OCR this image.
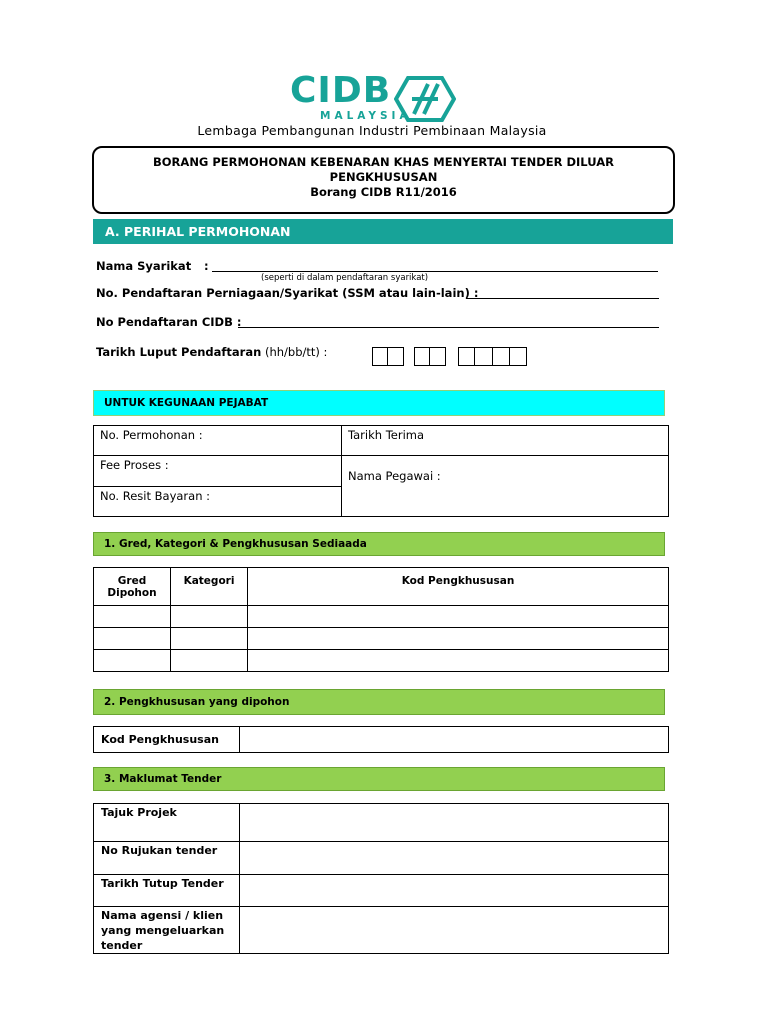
CIDB
MALAYSIA
Lembaga Pembangunan Industri Pembinaan Malaysia
BORANG PERMOHONAN KEBENARAN KHAS MENYERTAI TENDER DILUAR
PENGKHUSUSAN
Borang CIDB R11/2016
A. PERIHAL PERMOHONAN
Nama Syarikat :
(seperti di dalam pendaftaran syarikat)
No. Pendaftaran Perniagaan/Syarikat (SSM atau lain-lain) :
No Pendaftaran CIDB :
Tarikh Luput Pendaftaran (hh/bb/tt) :
UNTUK KEGUNAAN PEJABAT
No. Permohonan :	Tarikh Terima
Fee Proses :	Nama Pegawai :
No. Resit Bayaran :	
1. Gred, Kategori & Pengkhususan Sediaada
Gred Dipohon	Kategori	Kod Pengkhususan

2. Pengkhususan yang dipohon
Kod Pengkhususan	
3. Maklumat Tender
Tajuk Projek	
No Rujukan tender	
Tarikh Tutup Tender	
Nama agensi / klien yang mengeluarkan tender	
